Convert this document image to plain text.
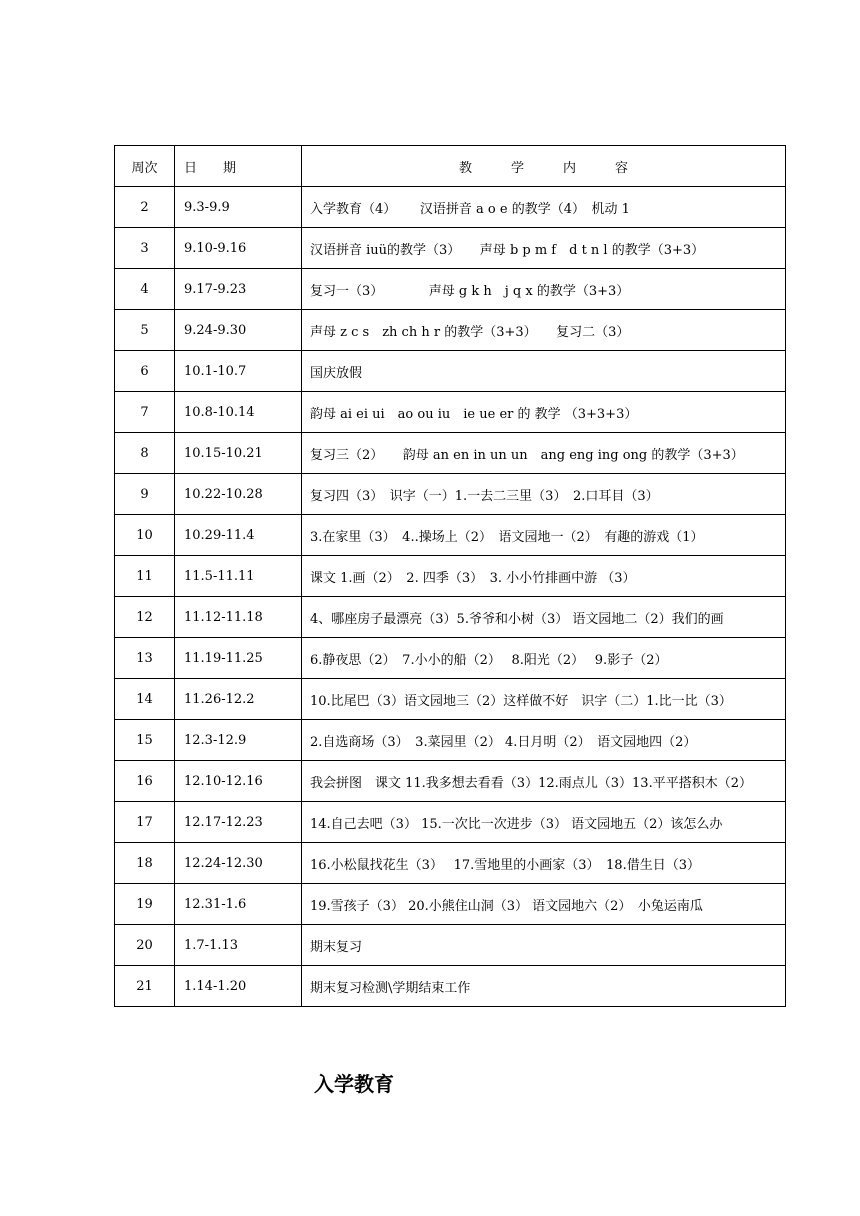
周次	日　　期	教　　　学　　　内　　　容
2	9.3-9.9	入学教育（4）　　 汉语拼音 a o e 的教学（4）　机动 1
3	9.10-9.16	汉语拼音 iuü的教学（3）　　声母 b p m f　d t n l 的教学（3+3）
4	9.17-9.23	复习一（3）　　　　声母 g k h　j q x 的教学（3+3）
5	9.24-9.30	声母 z c s　zh ch h r 的教学（3+3）　　复习二（3）
6	10.1-10.7	国庆放假
7	10.8-10.14	韵母 ai ei ui　ao ou iu　ie ue er 的 教学 （3+3+3）
8	10.15-10.21	复习三（2）　　韵母 an en in un un　ang eng ing ong 的教学（3+3）
9	10.22-10.28	复习四（3）　识字（一）1.一去二三里（3）　2.口耳目（3）
10	10.29-11.4	3.在家里（3）　4..操场上（2）　语文园地一（2）　有趣的游戏（1）
11	11.5-11.11	课文 1.画（2）　2. 四季（3）　3. 小小竹排画中游 （3）
12	11.12-11.18	4、哪座房子最漂亮（3）5.爷爷和小树（3） 语文园地二（2）我们的画
13	11.19-11.25	6.静夜思（2）　7.小小的船（2）　 8.阳光（2）　 9.影子（2）
14	11.26-12.2	10.比尾巴（3）语文园地三（2）这样做不好　识字（二）1.比一比（3）
15	12.3-12.9	2.自选商场（3）　3.菜园里（2） 4.日月明（2）　语文园地四（2）
16	12.10-12.16	我会拼图　课文 11.我多想去看看（3）12.雨点儿（3）13.平平搭积木（2）
17	12.17-12.23	14.自己去吧（3） 15.一次比一次进步（3） 语文园地五（2）该怎么办
18	12.24-12.30	16.小松鼠找花生（3）　 17.雪地里的小画家（3）　18.借生日（3）
19	12.31-1.6	19.雪孩子（3） 20.小熊住山洞（3） 语文园地六（2）　小兔运南瓜
20	1.7-1.13	期末复习
21	1.14-1.20	期末复习检测\学期结束工作
入学教育
